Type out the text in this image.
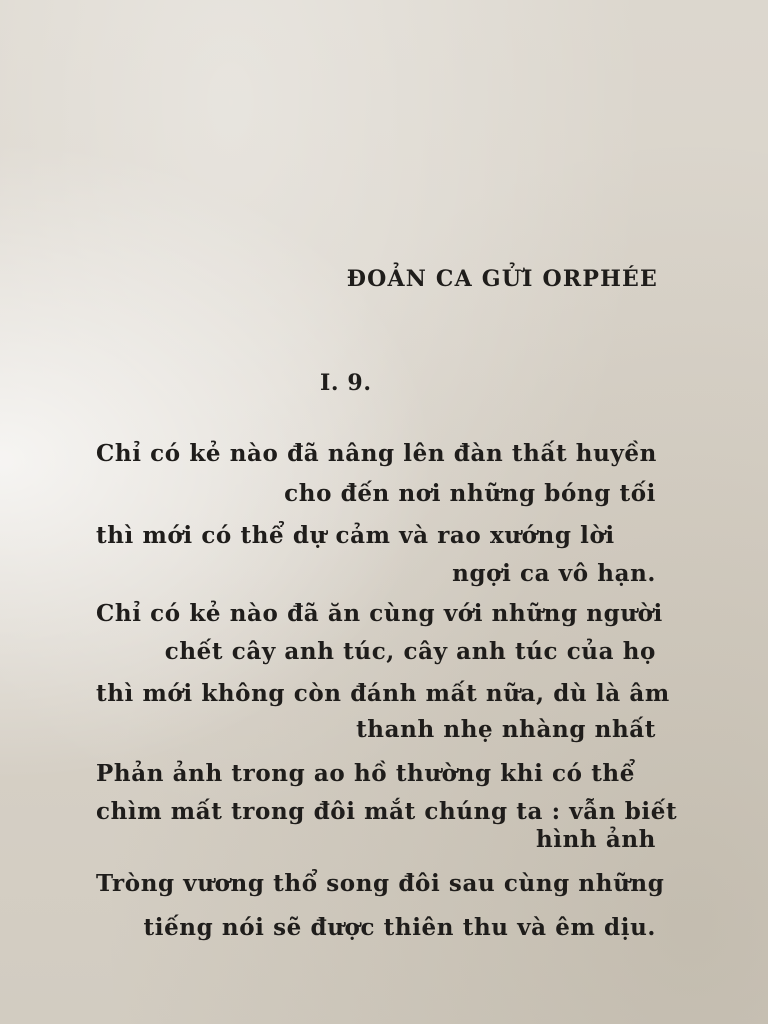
ĐOẢN CA GỬI ORPHÉE
I. 9.
Chỉ có kẻ nào đã nâng lên đàn thất huyền
cho đến nơi những bóng tối
thì mới có thể dự cảm và rao xướng lời
ngợi ca vô hạn.
Chỉ có kẻ nào đã ăn cùng với những người
chết cây anh túc, cây anh túc của họ
thì mới không còn đánh mất nữa, dù là âm
thanh nhẹ nhàng nhất
Phản ảnh trong ao hồ thường khi có thể
chìm mất trong đôi mắt chúng ta : vẫn biết
hình ảnh
Tròng vương thổ song đôi sau cùng những
tiếng nói sẽ được thiên thu và êm dịu.
